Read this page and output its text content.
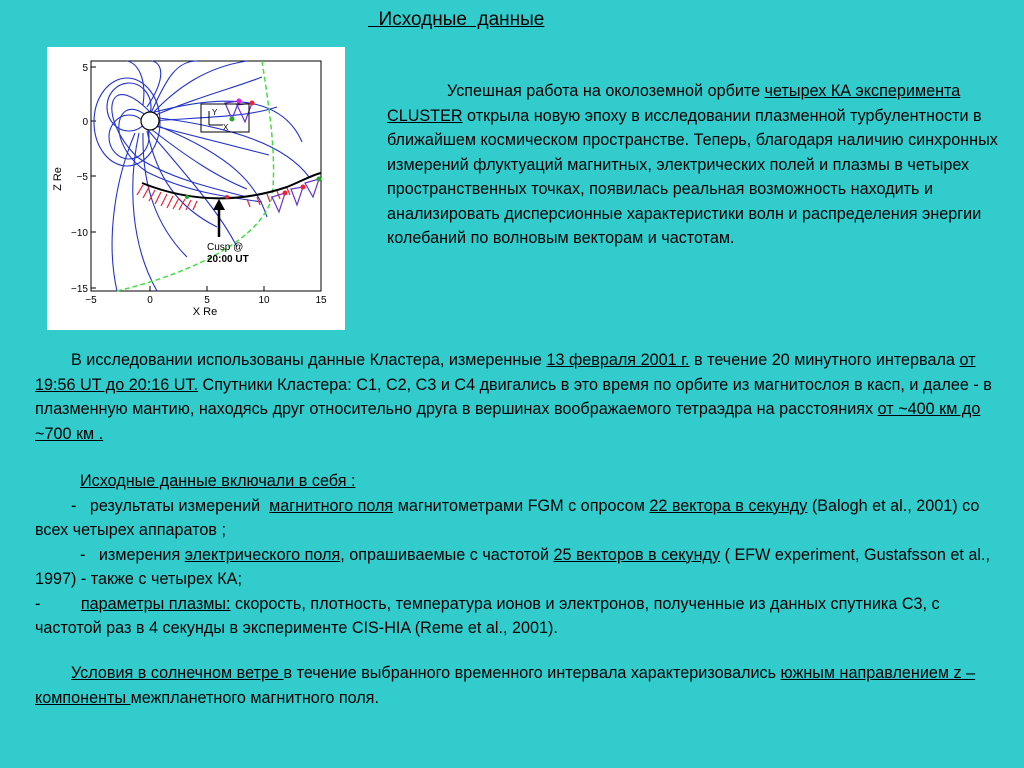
Исходные  данные
5
0
−5
−10
−15
−5	0	5	10	15
X Re
Z Re
Y
X
Cusp @
20:00 UT
Успешная работа на околоземной орбите четырех КА эксперимента CLUSTER открыла новую эпоху в исследовании плазменной турбулентности в ближайшем космическом пространстве. Теперь, благодаря наличию синхронных измерений флуктуаций магнитных, электрических полей и плазмы в четырех пространственных точках, появилась реальная возможность находить и анализировать дисперсионные характеристики волн и распределения энергии колебаний по волновым векторам и частотам.
В исследовании использованы данные Кластера, измеренные 13 февраля 2001 г. в течение 20 минутного интервала от 19:56 UT до 20:16 UT. Спутники Кластера: С1, С2, С3 и С4 двигались в это время по орбите из магнитослоя в касп, и далее - в плазменную мантию, находясь друг относительно друга в вершинах воображаемого тетраэдра на расстояниях от ~400 км до ~700 км .
Исходные данные включали в себя :
-   результаты измерений  магнитного поля магнитометрами FGM с опросом 22 вектора в секунду (Balogh et al., 2001) со всех четырех аппаратов ;
-   измерения электрического поля, опрашиваемые с частотой 25 векторов в секунду ( EFW experiment, Gustafsson et al., 1997) - также с четырех КА;
-         параметры плазмы: скорость, плотность, температура ионов и электронов, полученные из данных спутника С3, с частотой раз в 4 секунды в эксперименте CIS-HIA (Reme et al., 2001).
Условия в солнечном ветре в течение выбранного временного интервала характеризовались южным направлением z –компоненты межпланетного магнитного поля.
